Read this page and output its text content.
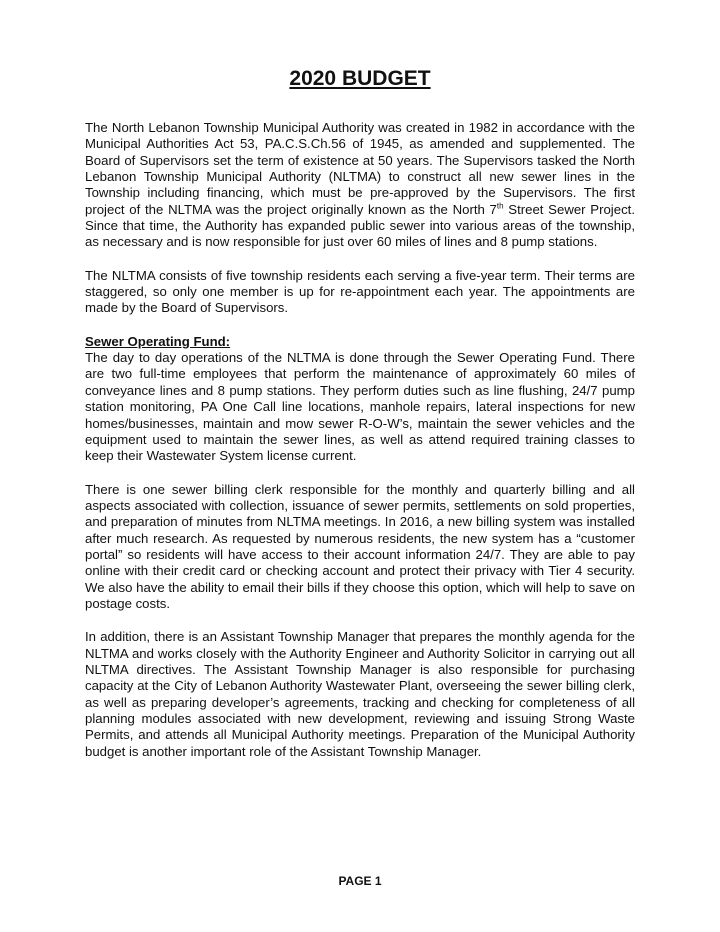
2020 BUDGET

The North Lebanon Township Municipal Authority was created in 1982 in accordance with the Municipal Authorities Act 53, PA.C.S.Ch.56 of 1945, as amended and supplemented. The Board of Supervisors set the term of existence at 50 years. The Supervisors tasked the North Lebanon Township Municipal Authority (NLTMA) to construct all new sewer lines in the Township including financing, which must be pre-approved by the Supervisors. The first project of the NLTMA was the project originally known as the North 7th Street Sewer Project. Since that time, the Authority has expanded public sewer into various areas of the township, as necessary and is now responsible for just over 60 miles of lines and 8 pump stations.

The NLTMA consists of five township residents each serving a five-year term. Their terms are staggered, so only one member is up for re-appointment each year. The appointments are made by the Board of Supervisors.

Sewer Operating Fund:

The day to day operations of the NLTMA is done through the Sewer Operating Fund. There are two full-time employees that perform the maintenance of approximately 60 miles of conveyance lines and 8 pump stations. They perform duties such as line flushing, 24/7 pump station monitoring, PA One Call line locations, manhole repairs, lateral inspections for new homes/businesses, maintain and mow sewer R-O-W’s, maintain the sewer vehicles and the equipment used to maintain the sewer lines, as well as attend required training classes to keep their Wastewater System license current.

There is one sewer billing clerk responsible for the monthly and quarterly billing and all aspects associated with collection, issuance of sewer permits, settlements on sold properties, and preparation of minutes from NLTMA meetings. In 2016, a new billing system was installed after much research. As requested by numerous residents, the new system has a “customer portal” so residents will have access to their account information 24/7. They are able to pay online with their credit card or checking account and protect their privacy with Tier 4 security. We also have the ability to email their bills if they choose this option, which will help to save on postage costs.

In addition, there is an Assistant Township Manager that prepares the monthly agenda for the NLTMA and works closely with the Authority Engineer and Authority Solicitor in carrying out all NLTMA directives. The Assistant Township Manager is also responsible for purchasing capacity at the City of Lebanon Authority Wastewater Plant, overseeing the sewer billing clerk, as well as preparing developer’s agreements, tracking and checking for completeness of all planning modules associated with new development, reviewing and issuing Strong Waste Permits, and attends all Municipal Authority meetings. Preparation of the Municipal Authority budget is another important role of the Assistant Township Manager.

PAGE 1
